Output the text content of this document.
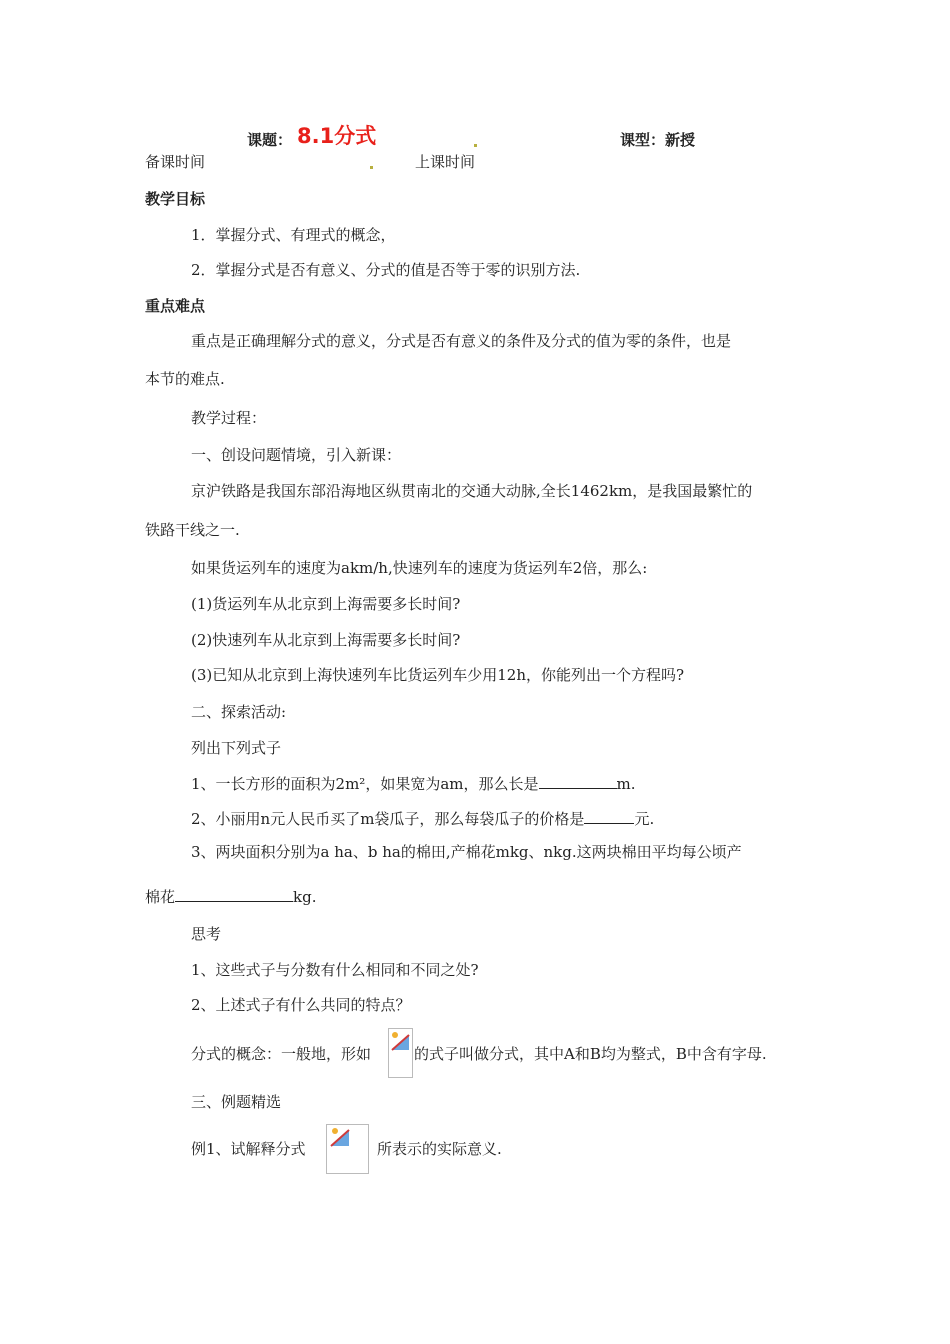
课题： 8.1分式	课型：新授
备课时间	上课时间
教学目标
1．掌握分式、有理式的概念，
2．掌握分式是否有意义、分式的值是否等于零的识别方法.
重点难点
重点是正确理解分式的意义，分式是否有意义的条件及分式的值为零的条件，也是
本节的难点.
教学过程：
一、创设问题情境，引入新课：
京沪铁路是我国东部沿海地区纵贯南北的交通大动脉,全长1462km，是我国最繁忙的
铁路干线之一.
如果货运列车的速度为akm/h,快速列车的速度为货运列车2倍，那么:
(1)货运列车从北京到上海需要多长时间?
(2)快速列车从北京到上海需要多长时间?
(3)已知从北京到上海快速列车比货运列车少用12h，你能列出一个方程吗?
二、探索活动:
列出下列式子
1、一长方形的面积为2m²，如果宽为am，那么长是	m.
2、小丽用n元人民币买了m袋瓜子，那么每袋瓜子的价格是	元.
3、两块面积分别为a ha、b ha的棉田,产棉花mkg、nkg.这两块棉田平均每公顷产
棉花	kg.
思考
1、这些式子与分数有什么相同和不同之处?
2、上述式子有什么共同的特点？
分式的概念：一般地，形如	的式子叫做分式，其中A和B均为整式，B中含有字母.
三、例题精选
例1、试解释分式	所表示的实际意义.
